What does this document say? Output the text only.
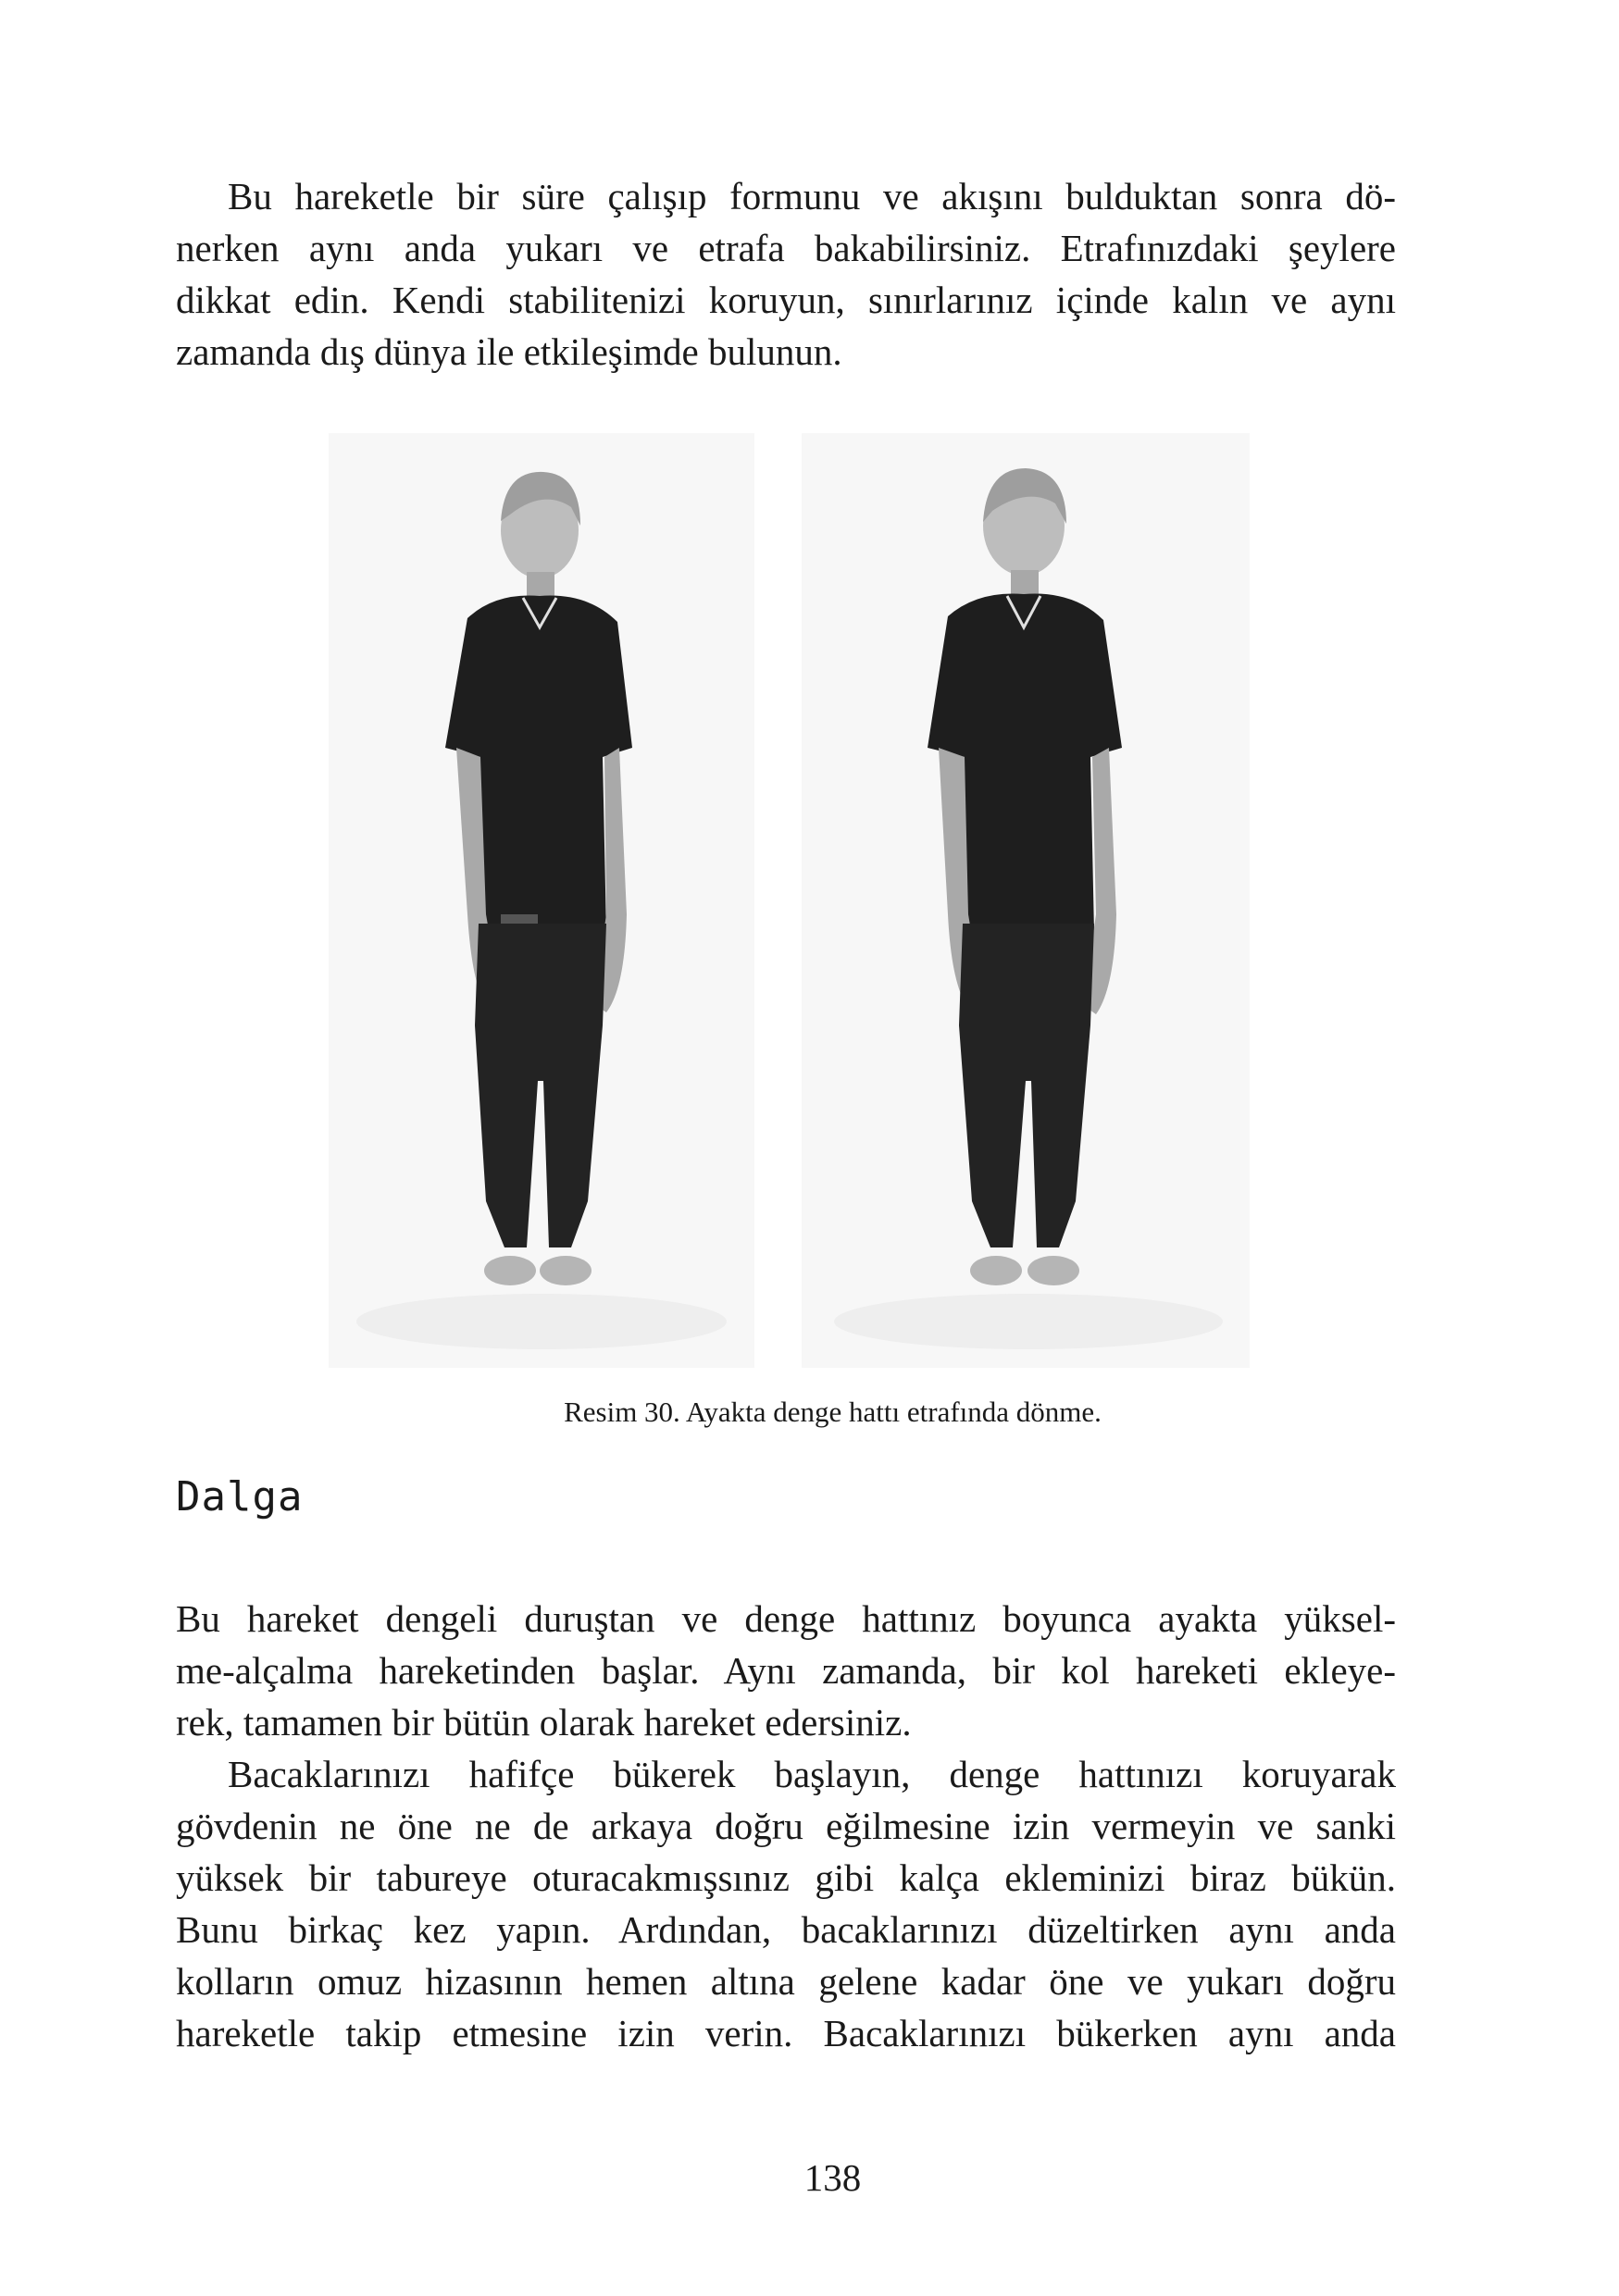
Bu hareketle bir süre çalışıp formunu ve akışını bulduktan sonra dö-
nerken aynı anda yukarı ve etrafa bakabilirsiniz. Etrafınızdaki şeylere
dikkat edin. Kendi stabilitenizi koruyun, sınırlarınız içinde kalın ve aynı
zamanda dış dünya ile etkileşimde bulunun.
Resim 30. Ayakta denge hattı etrafında dönme.
Dalga
Bu hareket dengeli duruştan ve denge hattınız boyunca ayakta yüksel-
me-alçalma hareketinden başlar. Aynı zamanda, bir kol hareketi ekleye-
rek, tamamen bir bütün olarak hareket edersiniz.
Bacaklarınızı hafifçe bükerek başlayın, denge hattınızı koruyarak
gövdenin ne öne ne de arkaya doğru eğilmesine izin vermeyin ve sanki
yüksek bir tabureye oturacakmışsınız gibi kalça ekleminizi biraz bükün.
Bunu birkaç kez yapın. Ardından, bacaklarınızı düzeltirken aynı anda
kolların omuz hizasının hemen altına gelene kadar öne ve yukarı doğru
hareketle takip etmesine izin verin. Bacaklarınızı bükerken aynı anda
138
